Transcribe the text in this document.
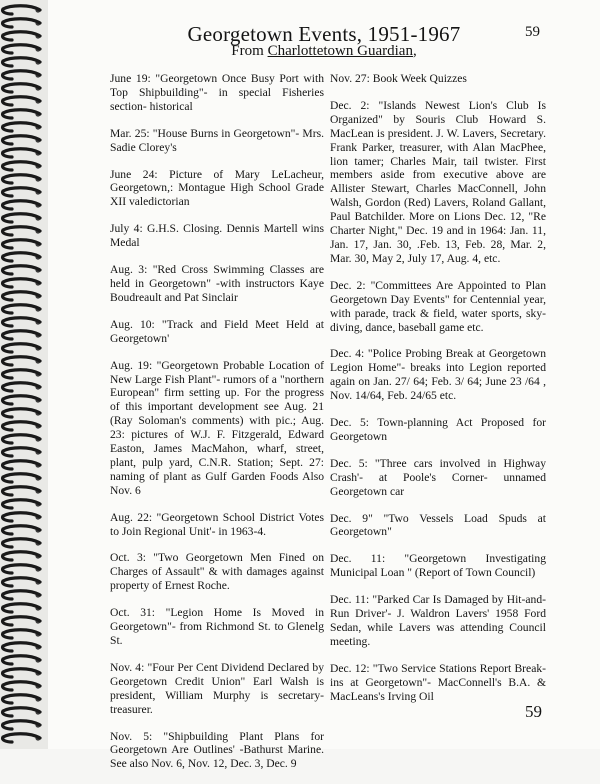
59
Georgetown Events, 1951-1967
From Charlottetown Guardian,

June 19: "Georgetown Once Busy Port with Top Shipbuilding"- in special Fisheries section- historical

Mar. 25: "House Burns in Georgetown"- Mrs. Sadie Clorey's

June 24: Picture of Mary LeLacheur, Georgetown,: Montague High School Grade XII valedictorian

July 4: G.H.S. Closing. Dennis Martell wins Medal

Aug. 3: "Red Cross Swimming Classes are held in Georgetown" -with instructors Kaye Boudreault and Pat Sinclair

Aug. 10: "Track and Field Meet Held at Georgetown'

Aug. 19: "Georgetown Probable Location of New Large Fish Plant"- rumors of a "northern European" firm setting up. For the progress of this important development see Aug. 21 (Ray Soloman's comments) with pic.; Aug. 23: pictures of W.J. F. Fitzgerald, Edward Easton, James MacMahon, wharf, street, plant, pulp yard, C.N.R. Station; Sept. 27: naming of plant as Gulf Garden Foods Also Nov. 6

Aug. 22: "Georgetown School District Votes to Join Regional Unit'- in 1963-4.

Oct. 3: "Two Georgetown Men Fined on Charges of Assault" & with damages against property of Ernest Roche.

Oct. 31: "Legion Home Is Moved in Georgetown"- from Richmond St. to Glenelg St.

Nov. 4: "Four Per Cent Dividend Declared by Georgetown Credit Union" Earl Walsh is president, William Murphy is secretary-treasurer.

Nov. 5: "Shipbuilding Plant Plans for Georgetown Are Outlines' -Bathurst Marine. See also Nov. 6, Nov. 12, Dec. 3, Dec. 9

Nov. 27: Book Week Quizzes

Dec. 2: "Islands Newest Lion's Club Is Organized" by Souris Club Howard S. MacLean is president. J. W. Lavers, Secretary. Frank Parker, treasurer, with Alan MacPhee, lion tamer; Charles Mair, tail twister. First members aside from executive above are Allister Stewart, Charles MacConnell, John Walsh, Gordon (Red) Lavers, Roland Gallant, Paul Batchilder. More on Lions Dec. 12, "Re Charter Night," Dec. 19 and in 1964: Jan. 11, Jan. 17, Jan. 30, .Feb. 13, Feb. 28, Mar. 2, Mar. 30, May 2, July 17, Aug. 4, etc.

Dec. 2: "Committees Are Appointed to Plan Georgetown Day Events" for Centennial year, with parade, track & field, water sports, sky-diving, dance, baseball game etc.

Dec. 4: "Police Probing Break at Georgetown Legion Home"- breaks into Legion reported again on Jan. 27/ 64; Feb. 3/ 64; June 23 /64 , Nov. 14/64, Feb. 24/65 etc.

Dec. 5: Town-planning Act Proposed for Georgetown

Dec. 5: "Three cars involved in Highway Crash'- at Poole's Corner- unnamed Georgetown car

Dec. 9" "Two Vessels Load Spuds at Georgetown"

Dec. 11: "Georgetown Investigating Municipal Loan " (Report of Town Council)

Dec. 11: "Parked Car Is Damaged by Hit-and-Run Driver'- J. Waldron Lavers' 1958 Ford Sedan, while Lavers was attending Council meeting.

Dec. 12: "Two Service Stations Report Break-ins at Georgetown"- MacConnell's B.A. & MacLeans's Irving Oil

59
